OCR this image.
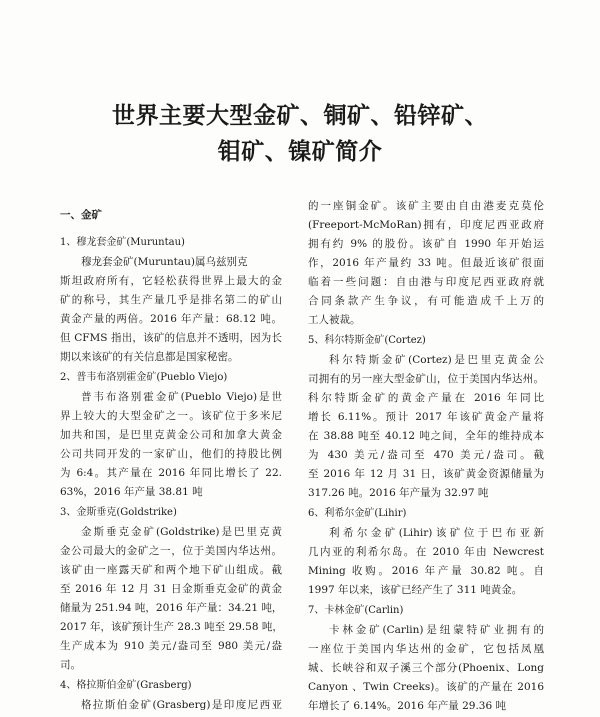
世界主要大型金矿、铜矿、铅锌矿、
钼矿、镍矿简介
一、金矿
1、穆龙套金矿(Muruntau)
穆龙套金矿(Muruntau)属乌兹别克
斯坦政府所有，它轻松获得世界上最大的金
矿的称号，其生产量几乎是排名第二的矿山
黄金产量的两倍。2016 年产量：68.12 吨。
但 CFMS 指出，该矿的信息并不透明，因为长
期以来该矿的有关信息都是国家秘密。
2、普韦布洛别霍金矿(Pueblo Viejo)
普韦布洛别霍金矿(Pueblo Viejo)是世
界上较大的大型金矿之一。该矿位于多米尼
加共和国，是巴里克黄金公司和加拿大黄金
公司共同开发的一家矿山，他们的持股比例
为 6:4。其产量在 2016 年同比增长了 22.
63%，2016 年产量 38.81 吨
3、金斯垂克(Goldstrike)
金斯垂克金矿(Goldstrike)是巴里克黄
金公司最大的金矿之一，位于美国内华达州。
该矿由一座露天矿和两个地下矿山组成。截
至 2016 年 12 月 31 日金斯垂克金矿的黄金
储量为 251.94 吨，2016 年产量：34.21 吨，
2017 年，该矿预计生产 28.3 吨至 29.58 吨，
生产成本为 910 美元/盎司至 980 美元/盎
司。
4、格拉斯伯金矿(Grasberg)
格拉斯伯金矿(Grasberg)是印度尼西亚
的一座铜金矿。该矿主要由自由港麦克莫伦
(Freeport-McMoRan)拥有，印度尼西亚政府
拥有约 9% 的股份。该矿自 1990 年开始运
作，2016 年产量约 33 吨。但最近该矿很面
临着一些问题：自由港与印度尼西亚政府就
合同条款产生争议，有可能造成千上万的
工人被裁。
5、科尔特斯金矿(Cortez)
科尔特斯金矿(Cortez)是巴里克黄金公
司拥有的另一座大型金矿山，位于美国内华达州。
科尔特斯金矿的黄金产量在 2016 年同比
增长 6.11%。预计 2017 年该矿黄金产量将
在 38.88 吨至 40.12 吨之间，全年的维持成本
为 430 美元/盎司至 470 美元/盎司。截
至 2016 年 12 月 31 日，该矿黄金资源储量为
317.26 吨。2016 年产量为 32.97 吨
6、利希尔金矿(Lihir)
利希尔金矿(Lihir)该矿位于巴布亚新
几内亚的利希尔岛。在 2010 年由 Newcrest
Mining 收购。2016 年产量 30.82 吨。自
1997 年以来，该矿已经产生了 311 吨黄金。
7、卡林金矿(Carlin)
卡林金矿(Carlin)是纽蒙特矿业拥有的
一座位于美国内华达州的金矿，它包括凤凰
城、长峡谷和双子溪三个部分(Phoenix、Long
Canyon 、Twin Creeks)。该矿的产量在 2016
年增长了 6.14%。2016 年产量 29.36 吨
